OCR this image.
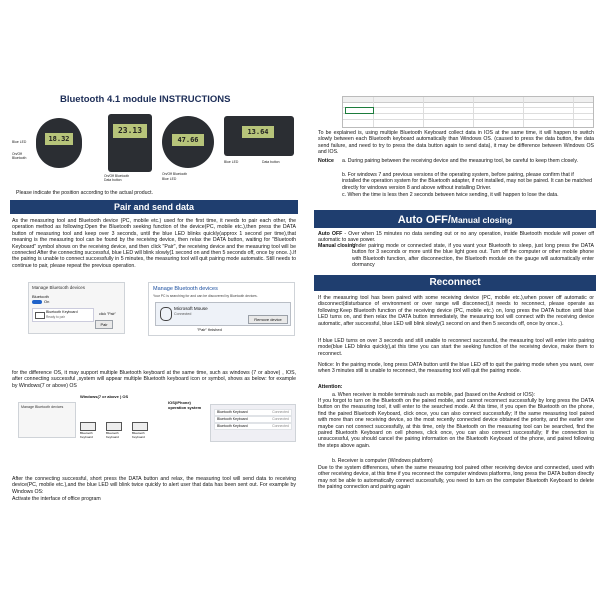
Bluetooth 4.1 module INSTRUCTIONS
Blue LED
On/Off Bluetooth
18.32
23.13
On/Off Bluetooth
Data button
47.66
On/Off Bluetooth
Blue LED
13.64
Blue LED	Data button
Please indicate the position according to the actual product.
Pair and send data
As the measuring tool and Bluetooth device (PC, mobile etc.) used for the first time, it needs to pair each other, the operation method as following:Open the Bluetooth seeking function of the device(PC, mobile etc.),then press the DATA button of measuring tool and keep over 3 seconds, until the blue LED blinks quickly(approx 1 second per time),that meaning is the measuring tool can be found by the receiving device, then relax the DATA button, waiting for "Bluetooth Keyboard" symbol shows on the receiving device, and then click "Pair", the receiving device and the measuring tool will be connected After the connecting successful, blue LED will blink slowly(1 second on and then 5 seconds off, once by once..).If the pairing is unable to connect successfully in 5 minutes, the measuring tool will quit pairing mode automatic. Still needs to continue to pair, please repeat the previous operation.
Manage Bluetooth devices
Bluetooth
On
Bluetooth Keyboard
Ready to pair
Pair
click "Pair"
Manage Bluetooth devices
Your PC is searching for and can be discovered by Bluetooth devices.
Microsoft Mouse
Connected
Remove device
"Pair" finished
for the difference OS, it may support multiple Bluetooth keyboard at the same time, such as windows (7 or above) , IOS, after connecting successful ,system will appear multiple Bluetooth keyboard icon or symbol, shows as below: for example by Windows(7 or above) OS
Windows(7 or above ) OS
IOS(iPhone) operation system
Manage Bluetooth devices
Bluetooth Keyboard
Bluetooth Keyboard
Bluetooth Keyboard
Bluetooth Keyboard	Connected
Bluetooth Keyboard	Connected
Bluetooth Keyboard	Connected
After the connecting successful, short press the DATA button and relax, the measuring tool will send data to receiving device(PC, mobile etc.),and the blue LED will blink twice quickly to alert user that data has been sent out. For example by Windows OS:
Activate the interface of office program
To be explained is, using multiple Bluetooth Keyboard collect data in IOS at the same time, it will happen to switch slowly between each Bluetooth keyboard automatically than Windows OS. (caused to press the data button, the data send failure, and need to try to press the data button again to send data), it may be difference between Windows OS and IOS.
Notice	a. During pairing between the receiving device and the measuring tool, be careful to keep them closely.
b. For windows 7 and previous versions of the operating system, before pairing, please confirm that if installed the operation system for the Bluetooth adapter, if not installed, may not be paired. It can be matched directly for windows version 8 and above without installing Driver.
c. When the time is less then 2 seconds between twice sending, it will happen to lose the data.
Auto OFF/Manual closing
Auto OFF - Over when 15 minutes no data sending out or no any operation, inside Bluetooth module will power off automatic to save power.
Manual closing
Under pairing mode or connected state, if you want your Bluetooth to sleep, just long press the DATA button for 3 seconds or more until the blue light goes out. Turn off the computer or other mobile phone with Bluetooth function, after disconnection, the Bluetooth module on the gauge will automatically enter dormancy
Reconnect
If the measuring tool has been paired with some receiving device (PC, mobile etc.),when power off automatic or disconnect(disturbance of environment or over range will disconnect),it needs to reconnect, please operate as following:Keep Bluetooth function of the receiving device (PC, mobile etc.) on, long press the DATA button until blue LED turns on, and then relax the DATA button immediately, the measuring tool will connect with the receiving device automatic, after successful, blue LED will blink slowly(1 second on and then 5 seconds off, once by once..).
If blue LED turns on over 3 seconds and still unable to reconnect successful, the measuring tool will enter into pairing mode(blue LED blinks quickly),at this time you can start the seeking function of the receiving device, make them to reconnect.
Notice: In the pairing mode, long press DATA button until the blue LED off to quit the pairing mode when you want, over when 3 minutes still is unable to reconnect, the measuring tool will quit the pairing mode.
Attention:
a. When receiver is mobile terminals such as mobile, pad (based on the Android or IOS):
If you forgot to turn on the Bluetooth on the paired mobile, and cannot reconnect successfully by long press the DATA button on the measuring tool, it will enter to the searched mode. At this time, if you open the Bluetooth on the phone, find the paired Bluetooth Keyboard, click once, you can also connect successfully; If the same measuring tool paired with more than one receiving device, so the most recently connected device obtained the priority, and the earlier one maybe can not connect successfully, at this time, only the Bluetooth on the measuring tool can be searched, find the paired Bluetooth Keyboard on cell phones, click once, you can also connect successfully; If the connection is unsuccessful, you should cancel the pairing information on the Bluetooth Keyboard of the phone, and paired following the steps above again.
b. Receiver is computer (Windows platform)
Due to the system differences, when the same measuring tool paired other receiving device and connected, used with other receiving device, at this time if you reconnect the computer windows platforms, long press the DATA button directly may not be able to automatically connect successfully, you need to turn on the computer Bluetooth Keyboard to delete the pairing connection and pairing again
